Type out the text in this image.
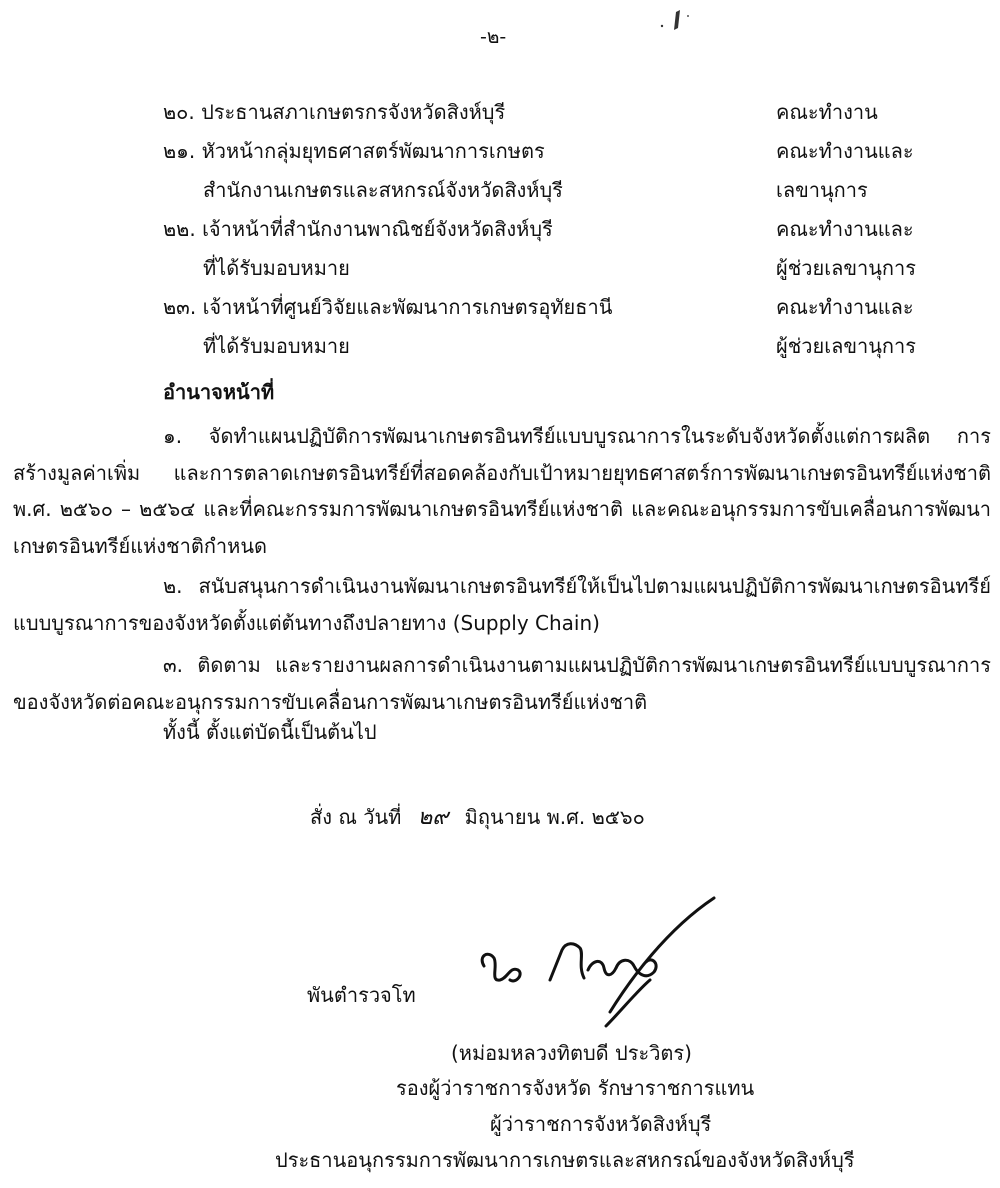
-๒-
๒๐. ประธานสภาเกษตรกรจังหวัดสิงห์บุรี	คณะทำงาน
๒๑. หัวหน้ากลุ่มยุทธศาสตร์พัฒนาการเกษตร	คณะทำงานและ
สำนักงานเกษตรและสหกรณ์จังหวัดสิงห์บุรี	เลขานุการ
๒๒. เจ้าหน้าที่สำนักงานพาณิชย์จังหวัดสิงห์บุรี	คณะทำงานและ
ที่ได้รับมอบหมาย	ผู้ช่วยเลขานุการ
๒๓. เจ้าหน้าที่ศูนย์วิจัยและพัฒนาการเกษตรอุทัยธานี	คณะทำงานและ
ที่ได้รับมอบหมาย	ผู้ช่วยเลขานุการ
อำนาจหน้าที่
๑. จัดทำแผนปฏิบัติการพัฒนาเกษตรอินทรีย์แบบบูรณาการในระดับจังหวัดตั้งแต่การผลิต การสร้างมูลค่าเพิ่ม และการตลาดเกษตรอินทรีย์ที่สอดคล้องกับเป้าหมายยุทธศาสตร์การพัฒนาเกษตรอินทรีย์แห่งชาติ พ.ศ. ๒๕๖๐ – ๒๕๖๔ และที่คณะกรรมการพัฒนาเกษตรอินทรีย์แห่งชาติ และคณะอนุกรรมการขับเคลื่อนการพัฒนาเกษตรอินทรีย์แห่งชาติกำหนด
๒. สนับสนุนการดำเนินงานพัฒนาเกษตรอินทรีย์ให้เป็นไปตามแผนปฏิบัติการพัฒนาเกษตรอินทรีย์แบบบูรณาการของจังหวัดตั้งแต่ต้นทางถึงปลายทาง (Supply Chain)
๓. ติดตาม และรายงานผลการดำเนินงานตามแผนปฏิบัติการพัฒนาเกษตรอินทรีย์แบบบูรณาการของจังหวัดต่อคณะอนุกรรมการขับเคลื่อนการพัฒนาเกษตรอินทรีย์แห่งชาติ
ทั้งนี้ ตั้งแต่บัดนี้เป็นต้นไป
สั่ง ณ วันที่ ๒๙ มิถุนายน พ.ศ. ๒๕๖๐
พันตำรวจโท
(หม่อมหลวงทิตบดี ประวิตร)
รองผู้ว่าราชการจังหวัด รักษาราชการแทน
ผู้ว่าราชการจังหวัดสิงห์บุรี
ประธานอนุกรรมการพัฒนาการเกษตรและสหกรณ์ของจังหวัดสิงห์บุรี
